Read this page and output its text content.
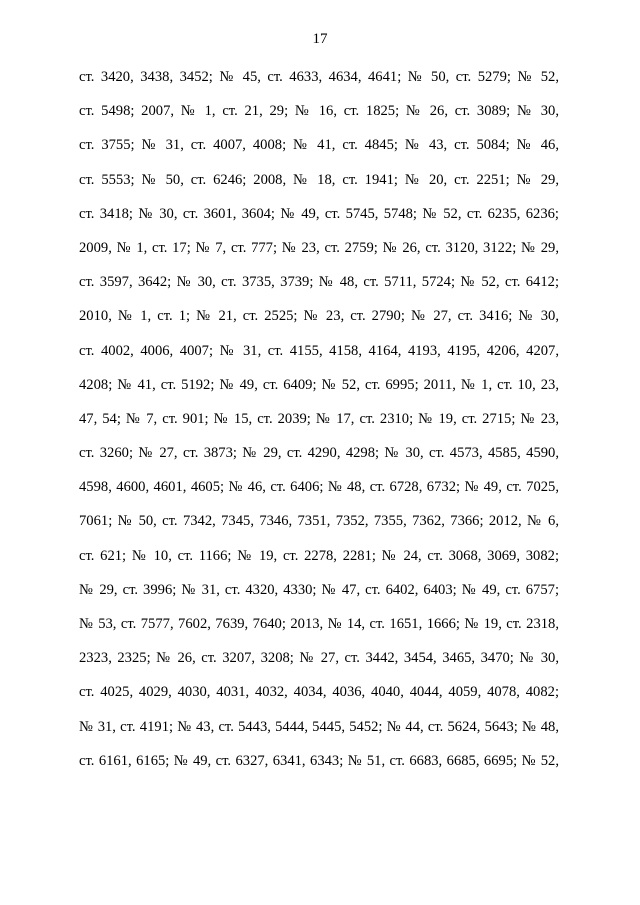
17
ст. 3420, 3438, 3452; № 45, ст. 4633, 4634, 4641; № 50, ст. 5279; № 52,
ст. 5498; 2007, № 1, ст. 21, 29; № 16, ст. 1825; № 26, ст. 3089; № 30,
ст. 3755; № 31, ст. 4007, 4008; № 41, ст. 4845; № 43, ст. 5084; № 46,
ст. 5553; № 50, ст. 6246; 2008, № 18, ст. 1941; № 20, ст. 2251; № 29,
ст. 3418; № 30, ст. 3601, 3604; № 49, ст. 5745, 5748; № 52, ст. 6235, 6236;
2009, № 1, ст. 17; № 7, ст. 777; № 23, ст. 2759; № 26, ст. 3120, 3122; № 29,
ст. 3597, 3642; № 30, ст. 3735, 3739; № 48, ст. 5711, 5724; № 52, ст. 6412;
2010, № 1, ст. 1; № 21, ст. 2525; № 23, ст. 2790; № 27, ст. 3416; № 30,
ст. 4002, 4006, 4007; № 31, ст. 4155, 4158, 4164, 4193, 4195, 4206, 4207,
4208; № 41, ст. 5192; № 49, ст. 6409; № 52, ст. 6995; 2011, № 1, ст. 10, 23,
47, 54; № 7, ст. 901; № 15, ст. 2039; № 17, ст. 2310; № 19, ст. 2715; № 23,
ст. 3260; № 27, ст. 3873; № 29, ст. 4290, 4298; № 30, ст. 4573, 4585, 4590,
4598, 4600, 4601, 4605; № 46, ст. 6406; № 48, ст. 6728, 6732; № 49, ст. 7025,
7061; № 50, ст. 7342, 7345, 7346, 7351, 7352, 7355, 7362, 7366; 2012, № 6,
ст. 621; № 10, ст. 1166; № 19, ст. 2278, 2281; № 24, ст. 3068, 3069, 3082;
№ 29, ст. 3996; № 31, ст. 4320, 4330; № 47, ст. 6402, 6403; № 49, ст. 6757;
№ 53, ст. 7577, 7602, 7639, 7640; 2013, № 14, ст. 1651, 1666; № 19, ст. 2318,
2323, 2325; № 26, ст. 3207, 3208; № 27, ст. 3442, 3454, 3465, 3470; № 30,
ст. 4025, 4029, 4030, 4031, 4032, 4034, 4036, 4040, 4044, 4059, 4078, 4082;
№ 31, ст. 4191; № 43, ст. 5443, 5444, 5445, 5452; № 44, ст. 5624, 5643; № 48,
ст. 6161, 6165; № 49, ст. 6327, 6341, 6343; № 51, ст. 6683, 6685, 6695; № 52,
